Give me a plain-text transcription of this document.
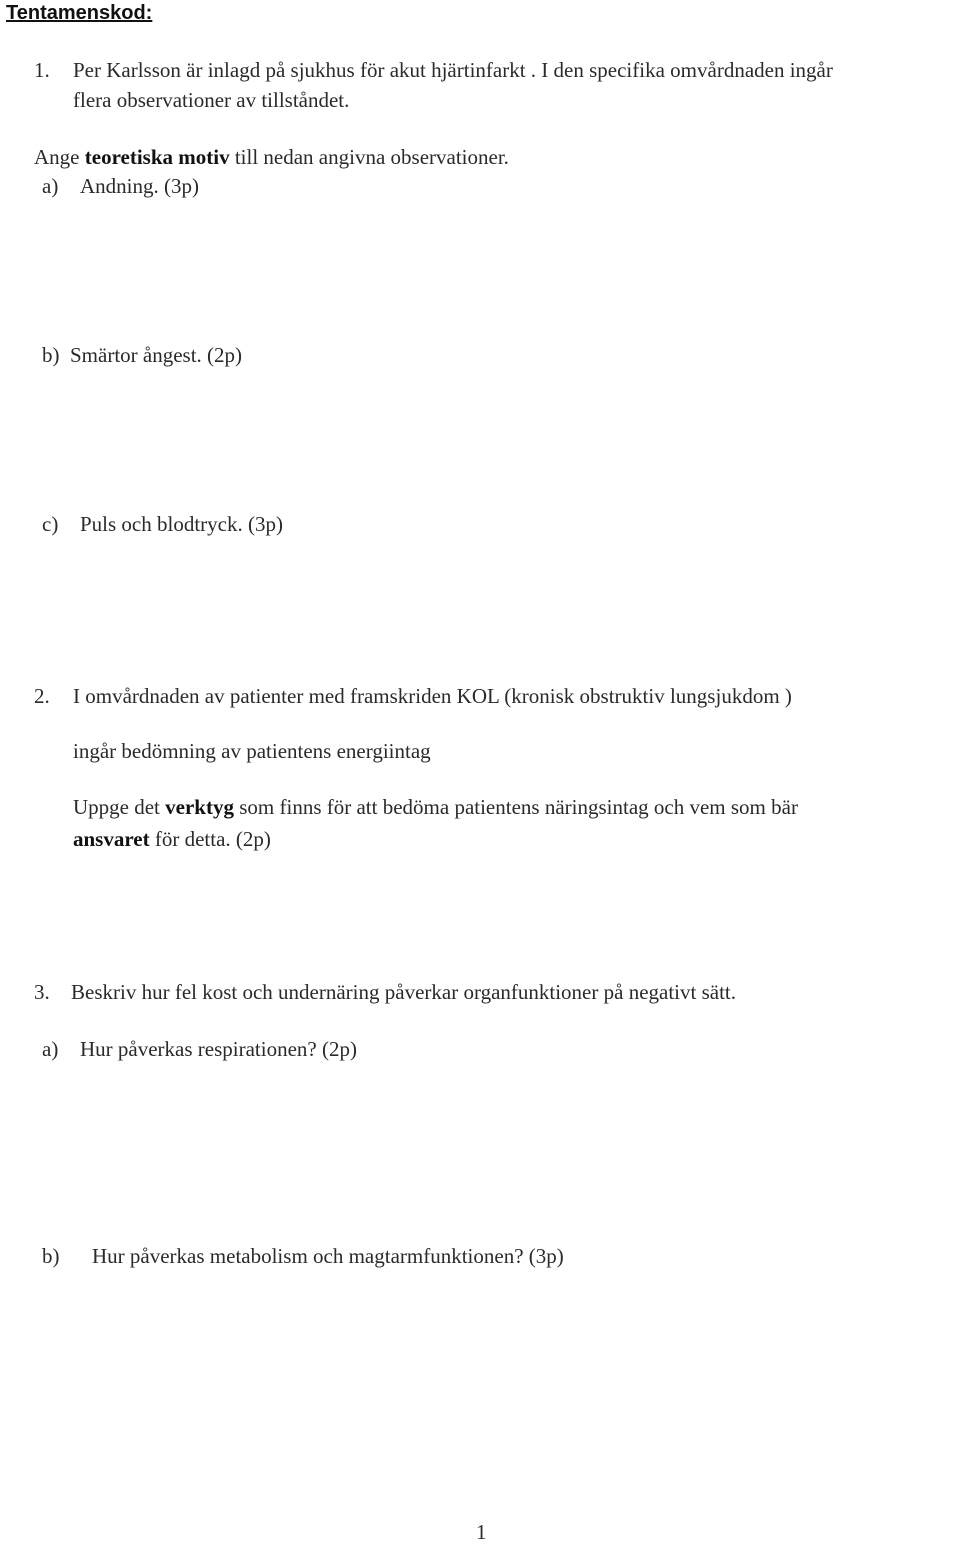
Tentamenskod:
1. Per Karlsson är inlagd på sjukhus för akut hjärtinfarkt . I den specifika omvårdnaden ingår
flera observationer av tillståndet.
Ange teoretiska motiv till nedan angivna observationer.
a) Andning. (3p)
b) Smärtor ångest. (2p)
c) Puls och blodtryck. (3p)
2. I omvårdnaden av patienter med framskriden KOL (kronisk obstruktiv lungsjukdom )
ingår bedömning av patientens energiintag
Uppge det verktyg som finns för att bedöma patientens näringsintag och vem som bär
ansvaret för detta. (2p)
3. Beskriv hur fel kost och undernäring påverkar organfunktioner på negativt sätt.
a) Hur påverkas respirationen? (2p)
b) Hur påverkas metabolism och magtarmfunktionen? (3p)
1
